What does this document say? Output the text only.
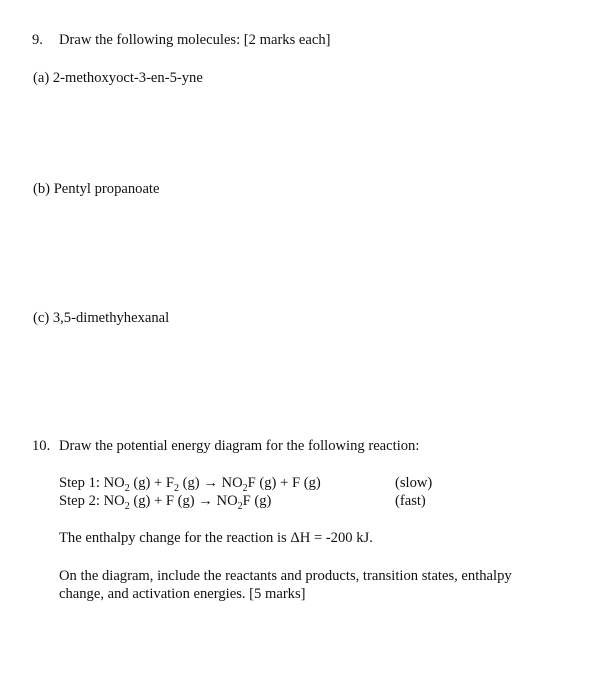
9. Draw the following molecules: [2 marks each]
(a) 2-methoxyoct-3-en-5-yne
(b) Pentyl propanoate
(c) 3,5-dimethyhexanal
10. Draw the potential energy diagram for the following reaction:
Step 1: $NO_2$ $(g) + F_2$ $(g) \to NO_2F$ (g) + F (g)	(slow)
Step 2: $NO_2$ (g) + F $(g) \to NO_2F$ (g)	(fast)
The enthalpy change for the reaction is ΔH = -200 kJ.
On the diagram, include the reactants and products, transition states, enthalpy
change, and activation energies. [5 marks]
